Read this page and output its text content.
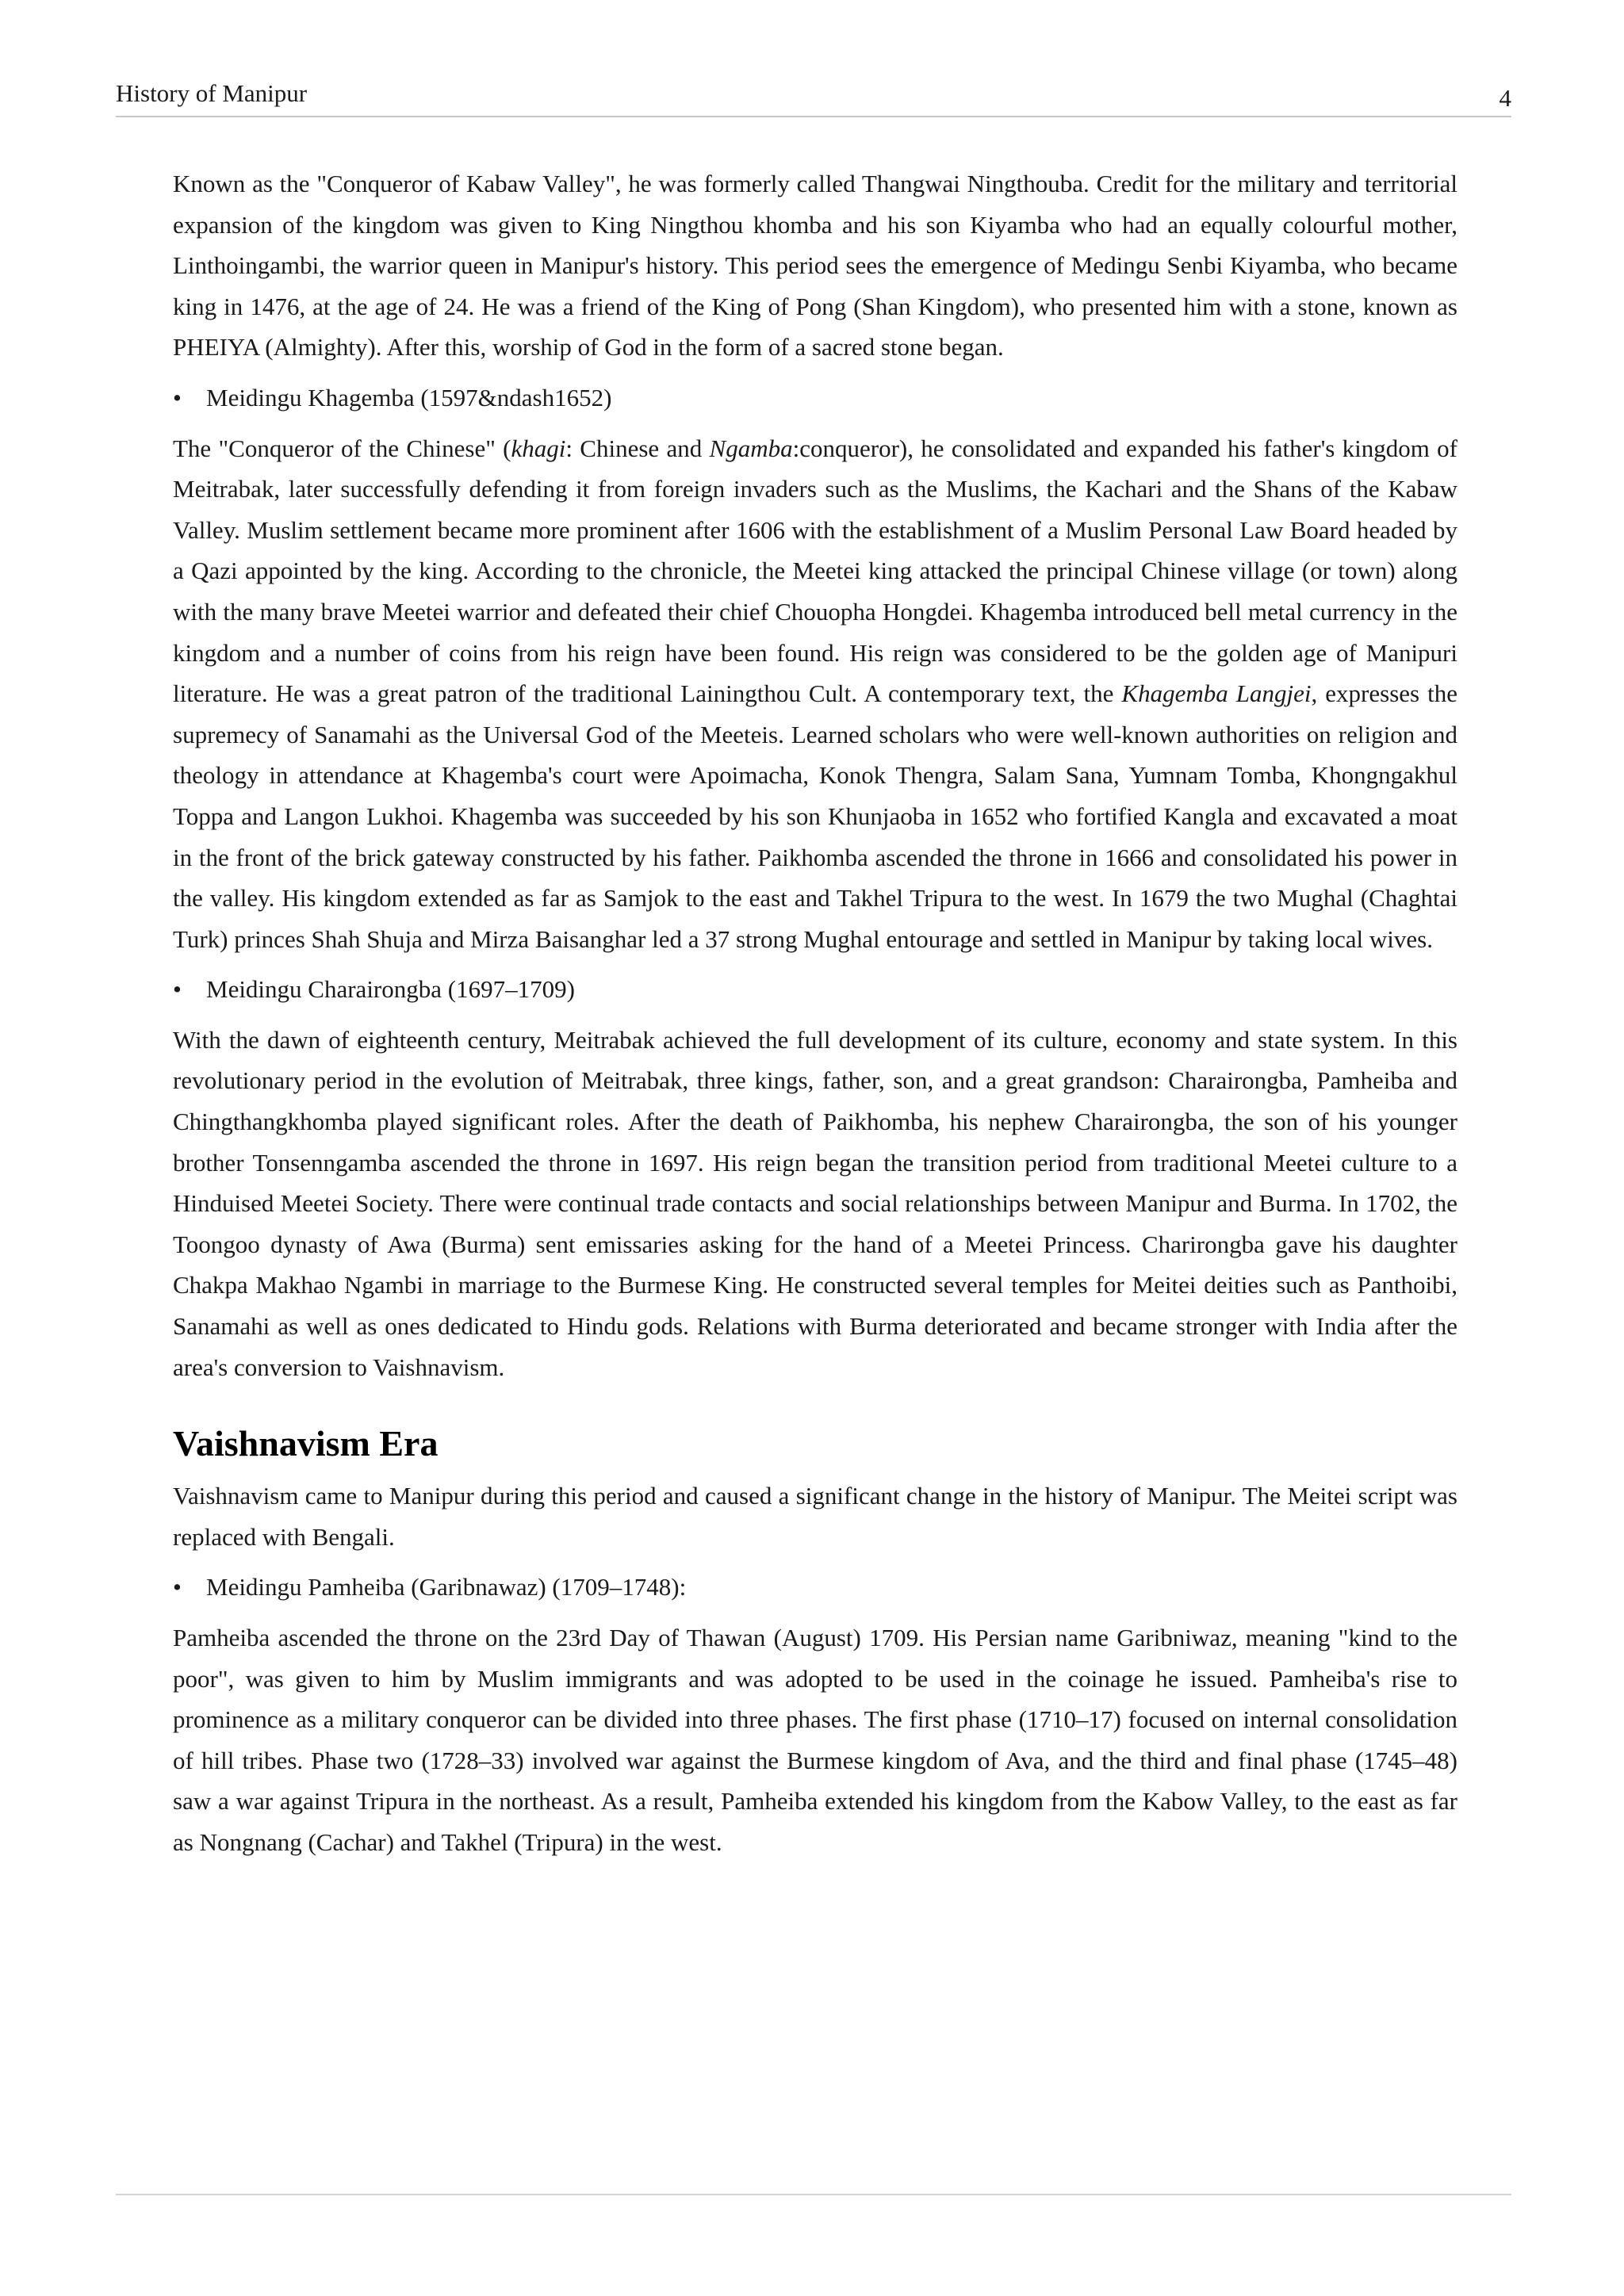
History of Manipur	4

Known as the "Conqueror of Kabaw Valley", he was formerly called Thangwai Ningthouba. Credit for the military and territorial expansion of the kingdom was given to King Ningthou khomba and his son Kiyamba who had an equally colourful mother, Linthoingambi, the warrior queen in Manipur's history. This period sees the emergence of Medingu Senbi Kiyamba, who became king in 1476, at the age of 24. He was a friend of the King of Pong (Shan Kingdom), who presented him with a stone, known as PHEIYA (Almighty). After this, worship of God in the form of a sacred stone began.

• Meidingu Khagemba (1597&ndash1652)

The "Conqueror of the Chinese" (khagi: Chinese and Ngamba:conqueror), he consolidated and expanded his father's kingdom of Meitrabak, later successfully defending it from foreign invaders such as the Muslims, the Kachari and the Shans of the Kabaw Valley. Muslim settlement became more prominent after 1606 with the establishment of a Muslim Personal Law Board headed by a Qazi appointed by the king. According to the chronicle, the Meetei king attacked the principal Chinese village (or town) along with the many brave Meetei warrior and defeated their chief Chouopha Hongdei. Khagemba introduced bell metal currency in the kingdom and a number of coins from his reign have been found. His reign was considered to be the golden age of Manipuri literature. He was a great patron of the traditional Lainingthou Cult. A contemporary text, the Khagemba Langjei, expresses the supremecy of Sanamahi as the Universal God of the Meeteis. Learned scholars who were well-known authorities on religion and theology in attendance at Khagemba's court were Apoimacha, Konok Thengra, Salam Sana, Yumnam Tomba, Khongngakhul Toppa and Langon Lukhoi. Khagemba was succeeded by his son Khunjaoba in 1652 who fortified Kangla and excavated a moat in the front of the brick gateway constructed by his father. Paikhomba ascended the throne in 1666 and consolidated his power in the valley. His kingdom extended as far as Samjok to the east and Takhel Tripura to the west. In 1679 the two Mughal (Chaghtai Turk) princes Shah Shuja and Mirza Baisanghar led a 37 strong Mughal entourage and settled in Manipur by taking local wives.

• Meidingu Charairongba (1697–1709)

With the dawn of eighteenth century, Meitrabak achieved the full development of its culture, economy and state system. In this revolutionary period in the evolution of Meitrabak, three kings, father, son, and a great grandson: Charairongba, Pamheiba and Chingthangkhomba played significant roles. After the death of Paikhomba, his nephew Charairongba, the son of his younger brother Tonsenngamba ascended the throne in 1697. His reign began the transition period from traditional Meetei culture to a Hinduised Meetei Society. There were continual trade contacts and social relationships between Manipur and Burma. In 1702, the Toongoo dynasty of Awa (Burma) sent emissaries asking for the hand of a Meetei Princess. Charirongba gave his daughter Chakpa Makhao Ngambi in marriage to the Burmese King. He constructed several temples for Meitei deities such as Panthoibi, Sanamahi as well as ones dedicated to Hindu gods. Relations with Burma deteriorated and became stronger with India after the area's conversion to Vaishnavism.

Vaishnavism Era

Vaishnavism came to Manipur during this period and caused a significant change in the history of Manipur. The Meitei script was replaced with Bengali.

• Meidingu Pamheiba (Garibnawaz) (1709–1748):

Pamheiba ascended the throne on the 23rd Day of Thawan (August) 1709. His Persian name Garibniwaz, meaning "kind to the poor", was given to him by Muslim immigrants and was adopted to be used in the coinage he issued. Pamheiba's rise to prominence as a military conqueror can be divided into three phases. The first phase (1710–17) focused on internal consolidation of hill tribes. Phase two (1728–33) involved war against the Burmese kingdom of Ava, and the third and final phase (1745–48) saw a war against Tripura in the northeast. As a result, Pamheiba extended his kingdom from the Kabow Valley, to the east as far as Nongnang (Cachar) and Takhel (Tripura) in the west.
